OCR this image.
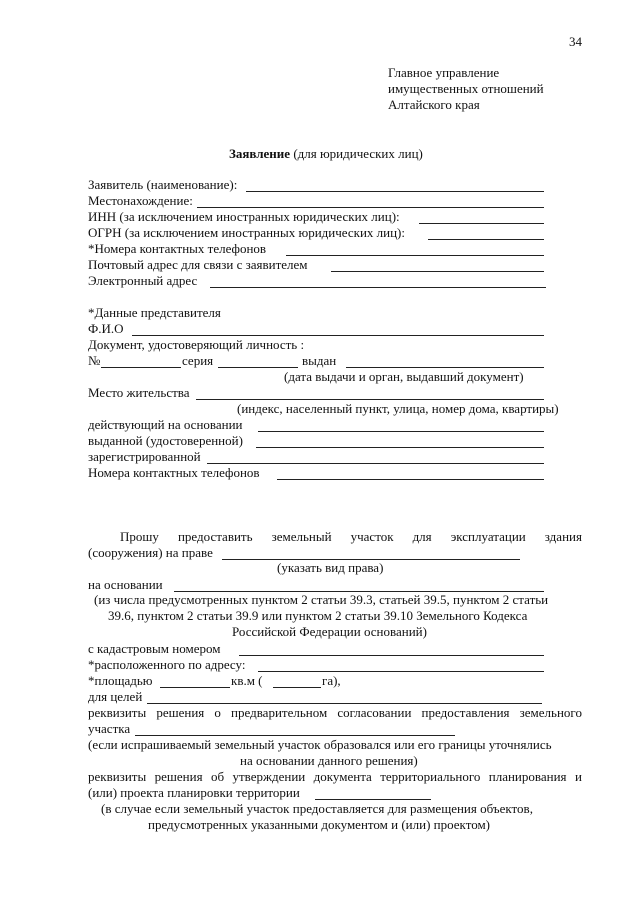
34
Главное управление
имущественных отношений
Алтайского края
Заявление (для юридических лиц)
Заявитель (наименование):
Местонахождение:
ИНН (за исключением иностранных юридических лиц):
ОГРН (за исключением иностранных юридических лиц):
*Номера контактных телефонов
Почтовый адрес для связи с заявителем
Электронный адрес
*Данные представителя
Ф.И.О
Документ, удостоверяющий личность :
№	серия	выдан
(дата выдачи и орган, выдавший документ)
Место жительства
(индекс, населенный пункт, улица, номер дома, квартиры)
действующий на основании
выданной (удостоверенной)
зарегистрированной
Номера контактных телефонов
Прошу предоставить земельный участок для эксплуатации здания
(сооружения) на праве
(указать вид права)
на основании
(из числа предусмотренных пунктом 2 статьи 39.3, статьей 39.5, пунктом 2 статьи
39.6, пунктом 2 статьи 39.9 или пунктом 2 статьи 39.10 Земельного Кодекса
Российской Федерации оснований)
с кадастровым номером
*расположенного по адресу:
*площадью	кв.м (	га),
для целей
реквизиты решения о предварительном согласовании предоставления земельного
участка
(если испрашиваемый земельный участок образовался или его границы уточнялись
на основании данного решения)
реквизиты решения об утверждении документа территориального планирования и
(или) проекта планировки территории
(в случае если земельный участок предоставляется для размещения объектов,
предусмотренных указанными документом и (или) проектом)
